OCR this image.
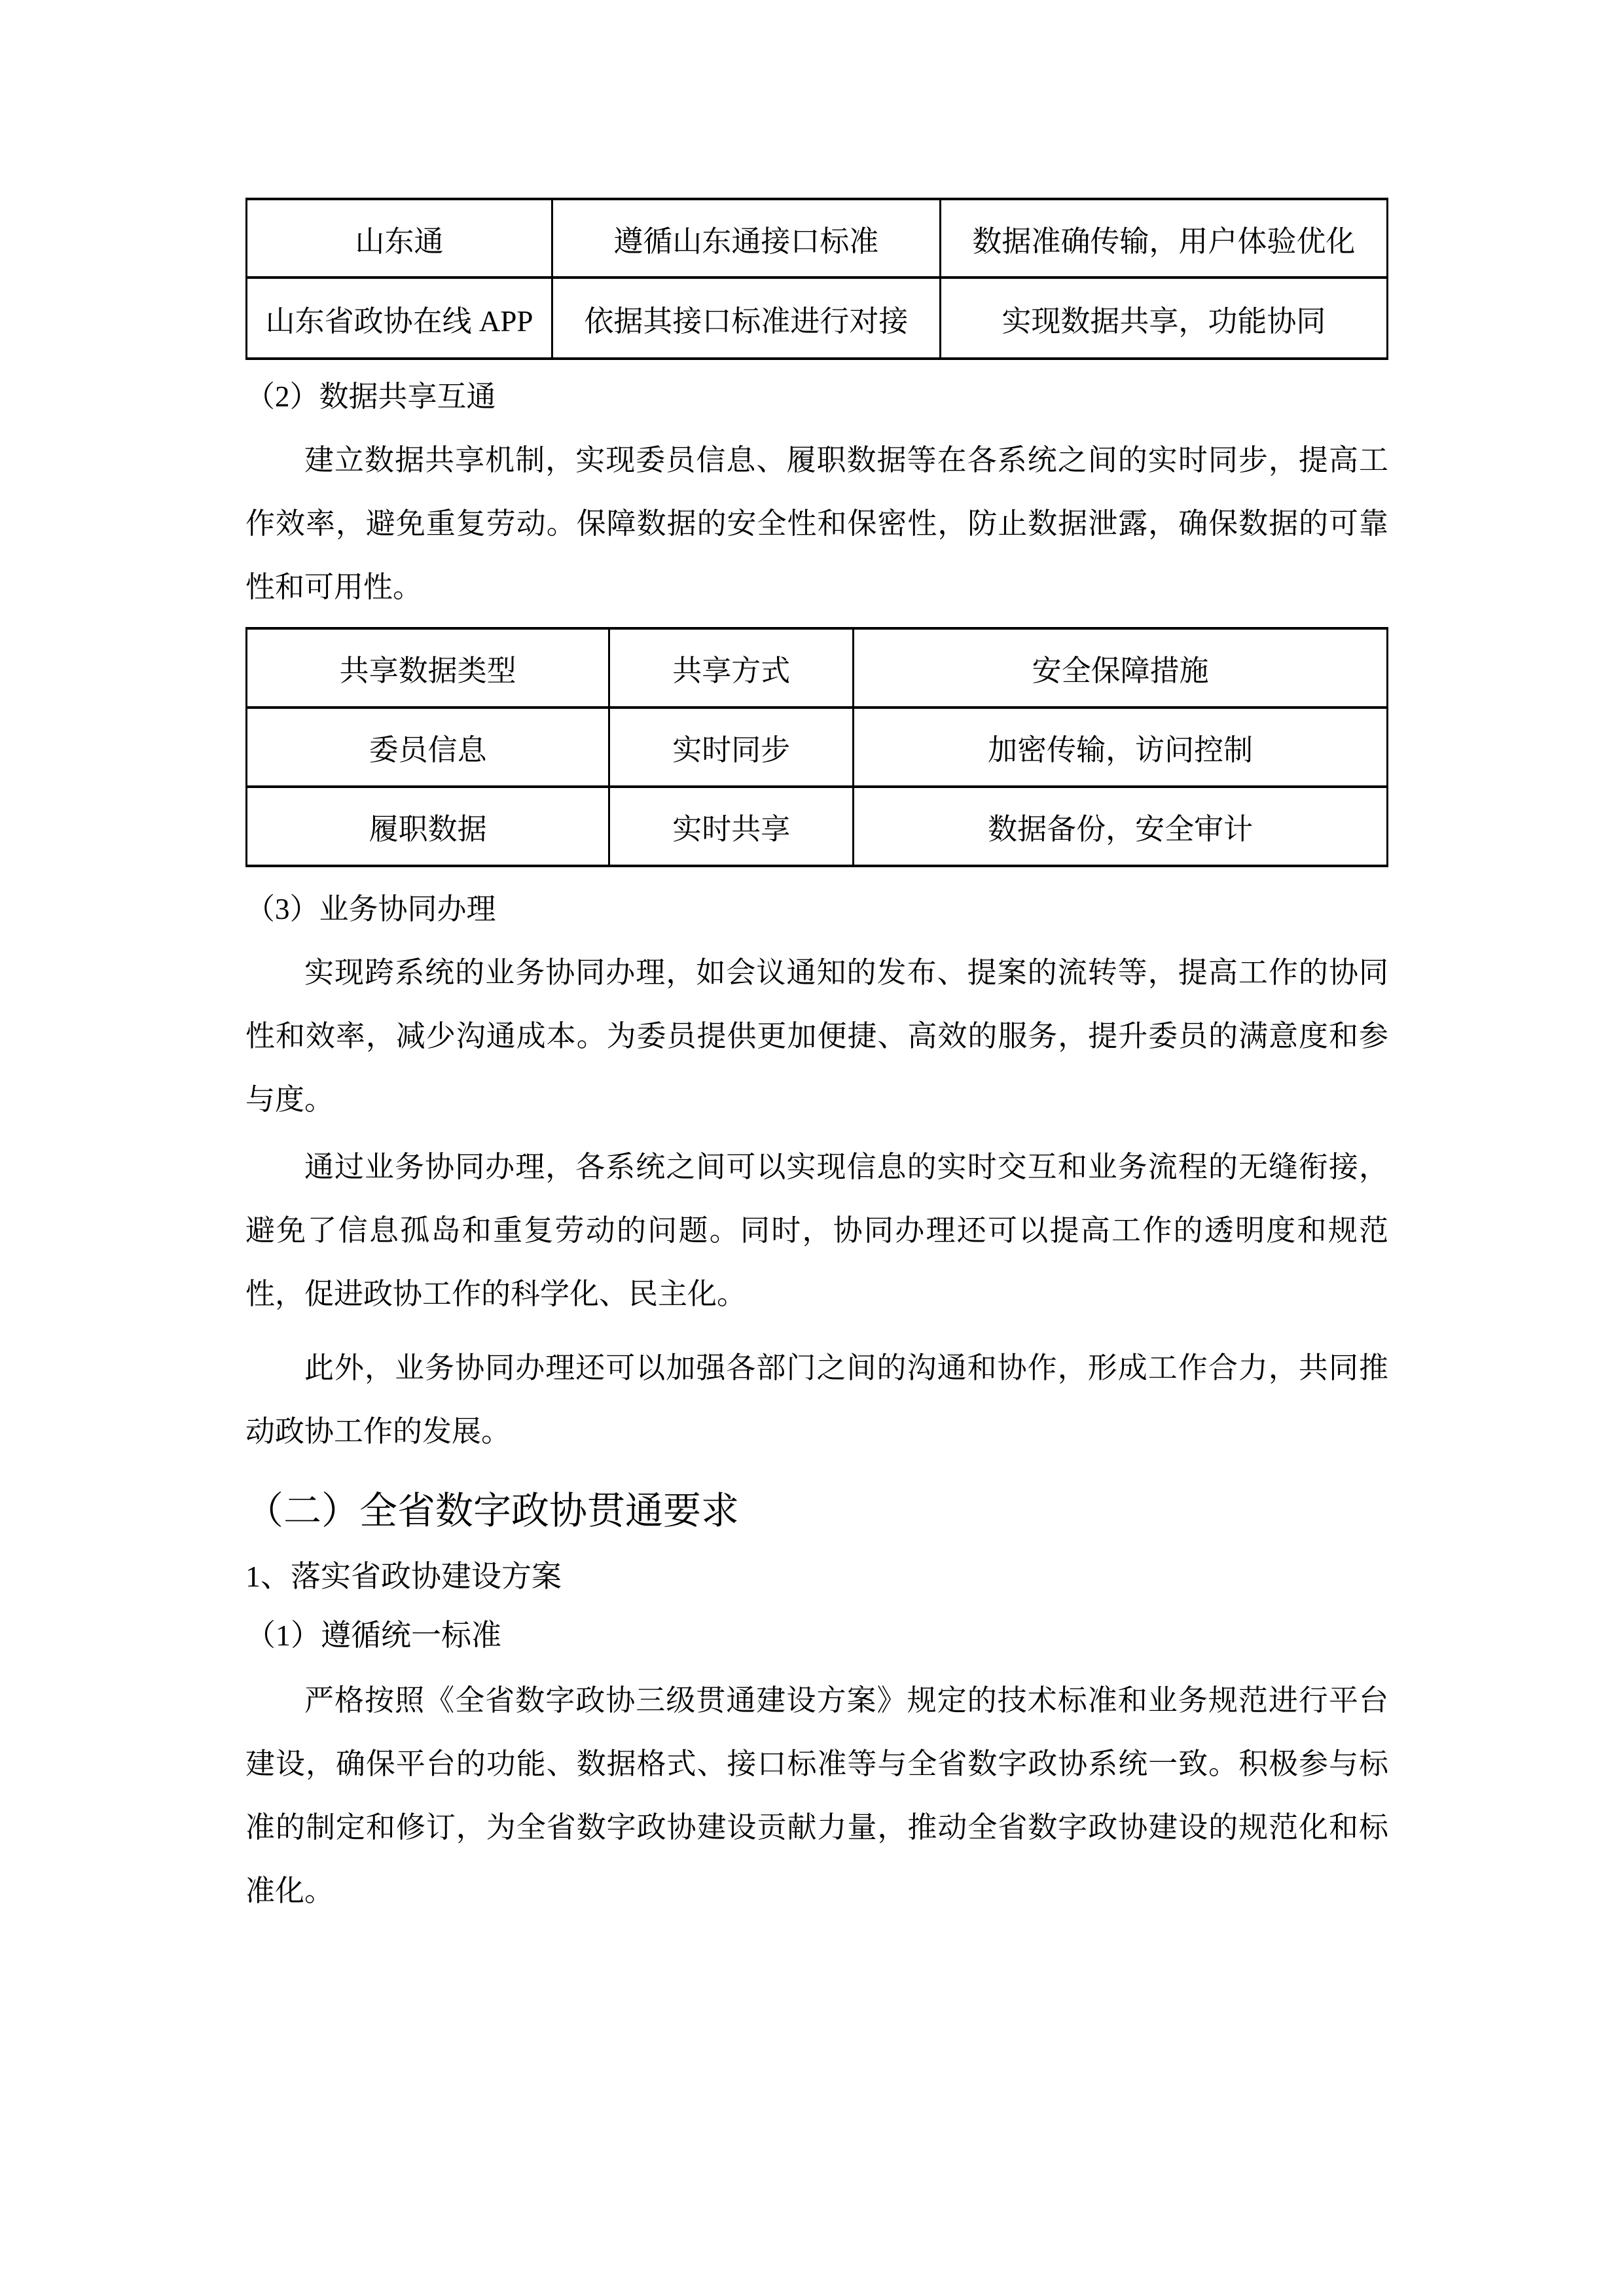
山东通	遵循山东通接口标准	数据准确传输，用户体验优化
山东省政协在线 APP	依据其接口标准进行对接	实现数据共享，功能协同

（2）数据共享互通

建立数据共享机制，实现委员信息、履职数据等在各系统之间的实时同步，提高工作效率，避免重复劳动。保障数据的安全性和保密性，防止数据泄露，确保数据的可靠性和可用性。

共享数据类型	共享方式	安全保障措施
委员信息	实时同步	加密传输，访问控制
履职数据	实时共享	数据备份，安全审计

（3）业务协同办理

实现跨系统的业务协同办理，如会议通知的发布、提案的流转等，提高工作的协同性和效率，减少沟通成本。为委员提供更加便捷、高效的服务，提升委员的满意度和参与度。

通过业务协同办理，各系统之间可以实现信息的实时交互和业务流程的无缝衔接，避免了信息孤岛和重复劳动的问题。同时，协同办理还可以提高工作的透明度和规范性，促进政协工作的科学化、民主化。

此外，业务协同办理还可以加强各部门之间的沟通和协作，形成工作合力，共同推动政协工作的发展。

（二）全省数字政协贯通要求

1、落实省政协建设方案

（1）遵循统一标准

严格按照《全省数字政协三级贯通建设方案》规定的技术标准和业务规范进行平台建设，确保平台的功能、数据格式、接口标准等与全省数字政协系统一致。积极参与标准的制定和修订，为全省数字政协建设贡献力量，推动全省数字政协建设的规范化和标准化。
